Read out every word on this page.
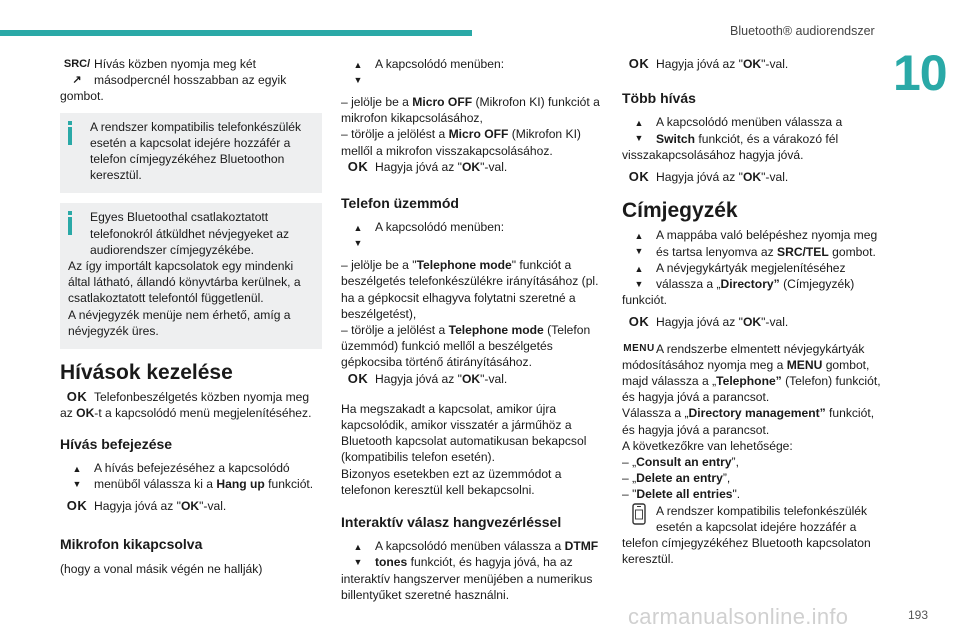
Bluetooth® audiorendszer
10
SRC/↗
Hívás közben nyomja meg két másodpercnél hosszabban az egyik
gombot.
A rendszer kompatibilis telefonkészülék esetén a kapcsolat idejére hozzáfér a telefon címjegyzékéhez Bluetoothon keresztül.
Egyes Bluetoothal csatlakoztatott telefonokról átküldhet névjegyeket az audiorendszer címjegyzékébe.
Az így importált kapcsolatok egy mindenki által látható, állandó könyvtárba kerülnek, a csatlakoztatott telefontól függetlenül.
A névjegyzék menüje nem érhető, amíg a névjegyzék üres.
Hívások kezelése
OK Telefonbeszélgetés közben nyomja meg az OK-t a kapcsolódó menü megjelenítéséhez.
Hívás befejezése
▲
▼
A hívás befejezéséhez a kapcsolódó menüből válassza ki a Hang up funkciót.
OK Hagyja jóvá az "OK"-val.
Mikrofon kikapcsolva
(hogy a vonal másik végén ne hallják)
▲
▼
A kapcsolódó menüben:
– jelölje be a Micro OFF (Mikrofon KI) funkciót a mikrofon kikapcsolásához,
– törölje a jelölést a Micro OFF (Mikrofon KI) mellől a mikrofon visszakapcsolásához.
OK Hagyja jóvá az "OK"-val.
Telefon üzemmód
▲
▼
A kapcsolódó menüben:
– jelölje be a "Telephone mode" funkciót a beszélgetés telefonkészülékre irányításához (pl. ha a gépkocsit elhagyva folytatni szeretné a beszélgetést),
– törölje a jelölést a Telephone mode (Telefon üzemmód) funkció mellől a beszélgetés gépkocsiba történő átirányításához.
OK Hagyja jóvá az "OK"-val.
Ha megszakadt a kapcsolat, amikor újra kapcsolódik, amikor visszatér a járműhöz a Bluetooth kapcsolat automatikusan bekapcsol (kompatibilis telefon esetén).
Bizonyos esetekben ezt az üzemmódot a telefonon keresztül kell bekapcsolni.
Interaktív válasz hangvezérléssel
▲
▼
A kapcsolódó menüben válassza a DTMF tones funkciót, és hagyja jóvá, ha az interaktív hangszerver menüjében a numerikus billentyűket szeretné használni.
OK Hagyja jóvá az "OK"-val.
Több hívás
▲
▼
A kapcsolódó menüben válassza a Switch funkciót, és a várakozó fél visszakapcsolásához hagyja jóvá.
OK Hagyja jóvá az "OK"-val.
Címjegyzék
▲
▼
A mappába való belépéshez nyomja meg és tartsa lenyomva az SRC/TEL gombot.
▲
▼
A névjegykártyák megjelenítéséhez válassza a „Directory” (Címjegyzék) funkciót.
OK Hagyja jóvá az "OK"-val.
MENU A rendszerbe elmentett névjegykártyák módosításához nyomja meg a MENU gombot, majd válassza a „Telephone” (Telefon) funkciót, és hagyja jóvá a parancsot.
Válassza a „Directory management” funkciót, és hagyja jóvá a parancsot.
A következőkre van lehetősége:
– „Consult an entry”,
– „Delete an entry”,
– "Delete all entries".
A rendszer kompatibilis telefonkészülék esetén a kapcsolat idejére hozzáfér a telefon címjegyzékéhez Bluetooth kapcsolaton keresztül.
carmanualsonline.info	193
